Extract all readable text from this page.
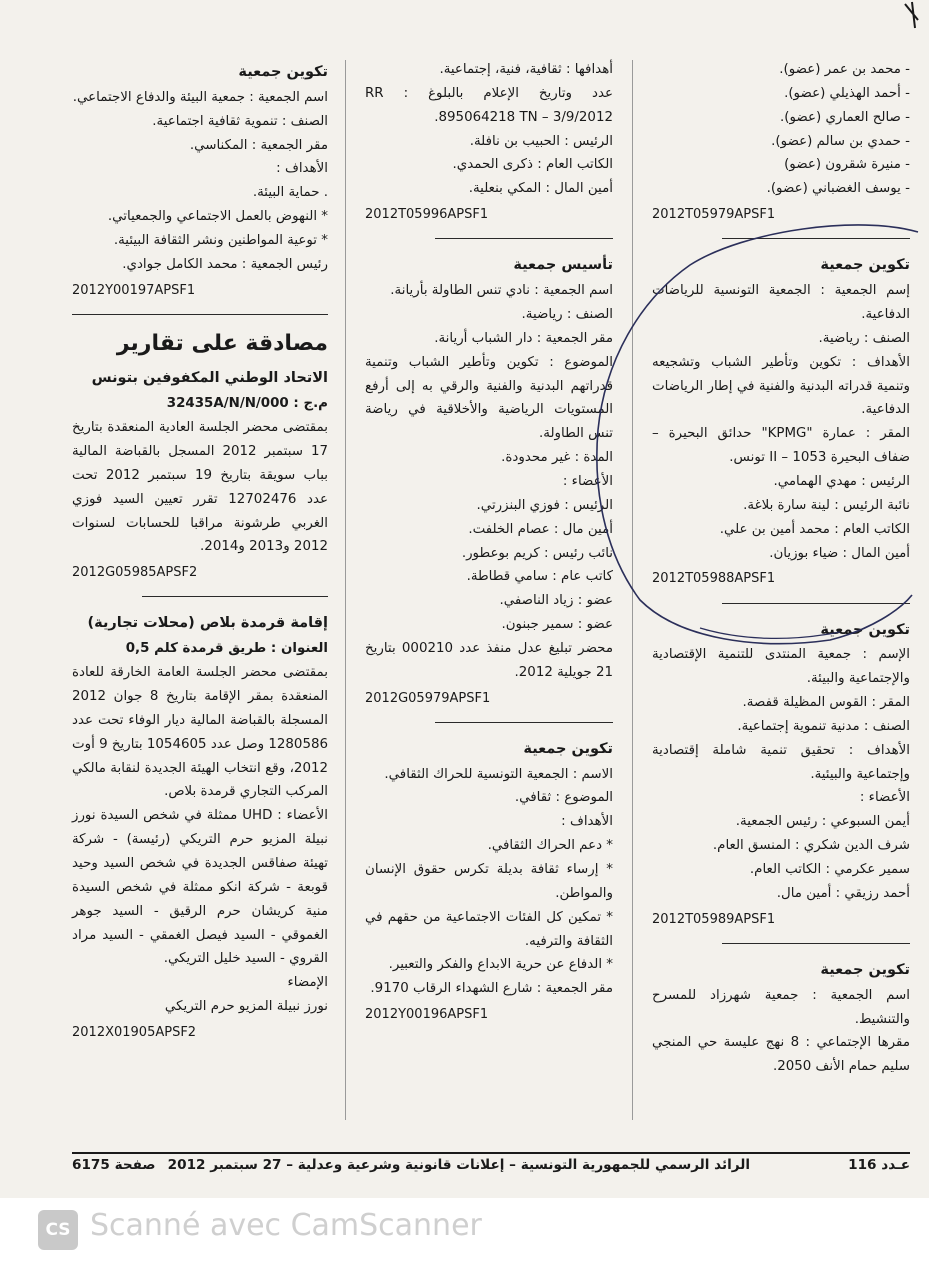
- محمد بن عمر (عضو).
- أحمد الهذيلي (عضو).
- صالح العماري (عضو).
- حمدي بن سالم (عضو).
- منيرة شقرون (عضو)
- يوسف الغضباني (عضو).
2012T05979APSF1
تكوين جمعية
إسم الجمعية : الجمعية التونسية للرياضات الدفاعية.
الصنف : رياضية.
الأهداف : تكوين وتأطير الشباب وتشجيعه وتنمية قدراته البدنية والفنية في إطار الرياضات الدفاعية.
المقر : عمارة "KPMG" حدائق البحيرة – ضفاف البحيرة II – 1053 تونس.
الرئيس : مهدي الهمامي.
نائبة الرئيس : لينة سارة بلاغة.
الكاتب العام : محمد أمين بن علي.
أمين المال : ضياء بوزيان.
2012T05988APSF1
تكوين جمعية
الإسم : جمعية المنتدى للتنمية الإقتصادية والإجتماعية والبيئة.
المقر : القوس المظيلة قفصة.
الصنف : مدنية تنموية إجتماعية.
الأهداف : تحقيق تنمية شاملة إقتصادية وإجتماعية والبيئية.
الأعضاء :
أيمن السبوعي : رئيس الجمعية.
شرف الدين شكري : المنسق العام.
سمير عكرمي : الكاتب العام.
أحمد رزيقي : أمين مال.
2012T05989APSF1
تكوين جمعية
اسم الجمعية : جمعية شهرزاد للمسرح والتنشيط.
مقرها الإجتماعي : 8 نهج عليسة حي المنجي سليم حمام الأنف 2050.
أهدافها : ثقافية، فنية، إجتماعية.
عدد وتاريخ الإعلام بالبلوغ : RR 895064218 TN – 3/9/2012.
الرئيس : الحبيب بن نافلة.
الكاتب العام : ذكرى الحمدي.
أمين المال : المكي بنعلية.
2012T05996APSF1
تأسيس جمعية
اسم الجمعية : نادي تنس الطاولة بأريانة.
الصنف : رياضية.
مقر الجمعية : دار الشباب أريانة.
الموضوع : تكوين وتأطير الشباب وتنمية قدراتهم البدنية والفنية والرقي به إلى أرفع المستويات الرياضية والأخلاقية في رياضة تنس الطاولة.
المدة : غير محدودة.
الأعضاء :
الرئيس : فوزي البنزرتي.
أمين مال : عصام الخلفت.
نائب رئيس : كريم بوعطور.
كاتب عام : سامي قطاطة.
عضو : زياد الناصفي.
عضو : سمير جبنون.
محضر تبليغ عدل منفذ عدد 000210 بتاريخ 21 جويلية 2012.
2012G05979APSF1
تكوين جمعية
الاسم : الجمعية التونسية للحراك الثقافي.
الموضوع : ثقافي.
الأهداف :
* دعم الحراك الثقافي.
* إرساء ثقافة بديلة تكرس حقوق الإنسان والمواطن.
* تمكين كل الفئات الاجتماعية من حقهم في الثقافة والترفيه.
* الدفاع عن حرية الابداع والفكر والتعبير.
مقر الجمعية : شارع الشهداء الرقاب 9170.
2012Y00196APSF1
تكوين جمعية
اسم الجمعية : جمعية البيئة والدفاع الاجتماعي.
الصنف : تنموية ثقافية اجتماعية.
مقر الجمعية : المكناسي.
الأهداف :
. حماية البيئة.
* النهوض بالعمل الاجتماعي والجمعياتي.
* توعية المواطنين ونشر الثقافة البيئية.
رئيس الجمعية : محمد الكامل جوادي.
2012Y00197APSF1
مصادقة على تقارير
الاتحاد الوطني المكفوفين بتونس
م.ج : 32435A/N/N/000
بمقتضى محضر الجلسة العادية المنعقدة بتاريخ 17 سبتمبر 2012 المسجل بالقباضة المالية بباب سويقة بتاريخ 19 سبتمبر 2012 تحت عدد 12702476 تقرر تعيين السيد فوزي الغربي طرشونة مراقبا للحسابات لسنوات 2012 و2013 و2014.
2012G05985APSF2
إقامة قرمدة بلاص (محلات تجارية)
العنوان : طريق قرمدة كلم 0,5
بمقتضى محضر الجلسة العامة الخارقة للعادة المنعقدة بمقر الإقامة بتاريخ 8 جوان 2012 المسجلة بالقباضة المالية ديار الوفاء تحت عدد 1280586 وصل عدد 1054605 بتاريخ 9 أوت 2012، وقع انتخاب الهيئة الجديدة لنقابة مالكي المركب التجاري قرمدة بلاص.
الأعضاء : UHD ممثلة في شخص السيدة نورز نبيلة المزيو حرم التريكي (رئيسة) - شركة تهيئة صفاقس الجديدة في شخص السيد وحيد قوبعة - شركة انكو ممثلة في شخص السيدة منية كريشان حرم الرقيق - السيد جوهر الغموقي - السيد فيصل الغمقي - السيد مراد القروي - السيد خليل التريكي.
الإمضاء
نورز نبيلة المزيو حرم التريكي
2012X01905APSF2
عـدد 116
الرائد الرسمي للجمهورية التونسية – إعلانات قانونية وشرعية وعدلية – 27 سبتمبر 2012
صفحة 6175
CS Scanné avec CamScanner
